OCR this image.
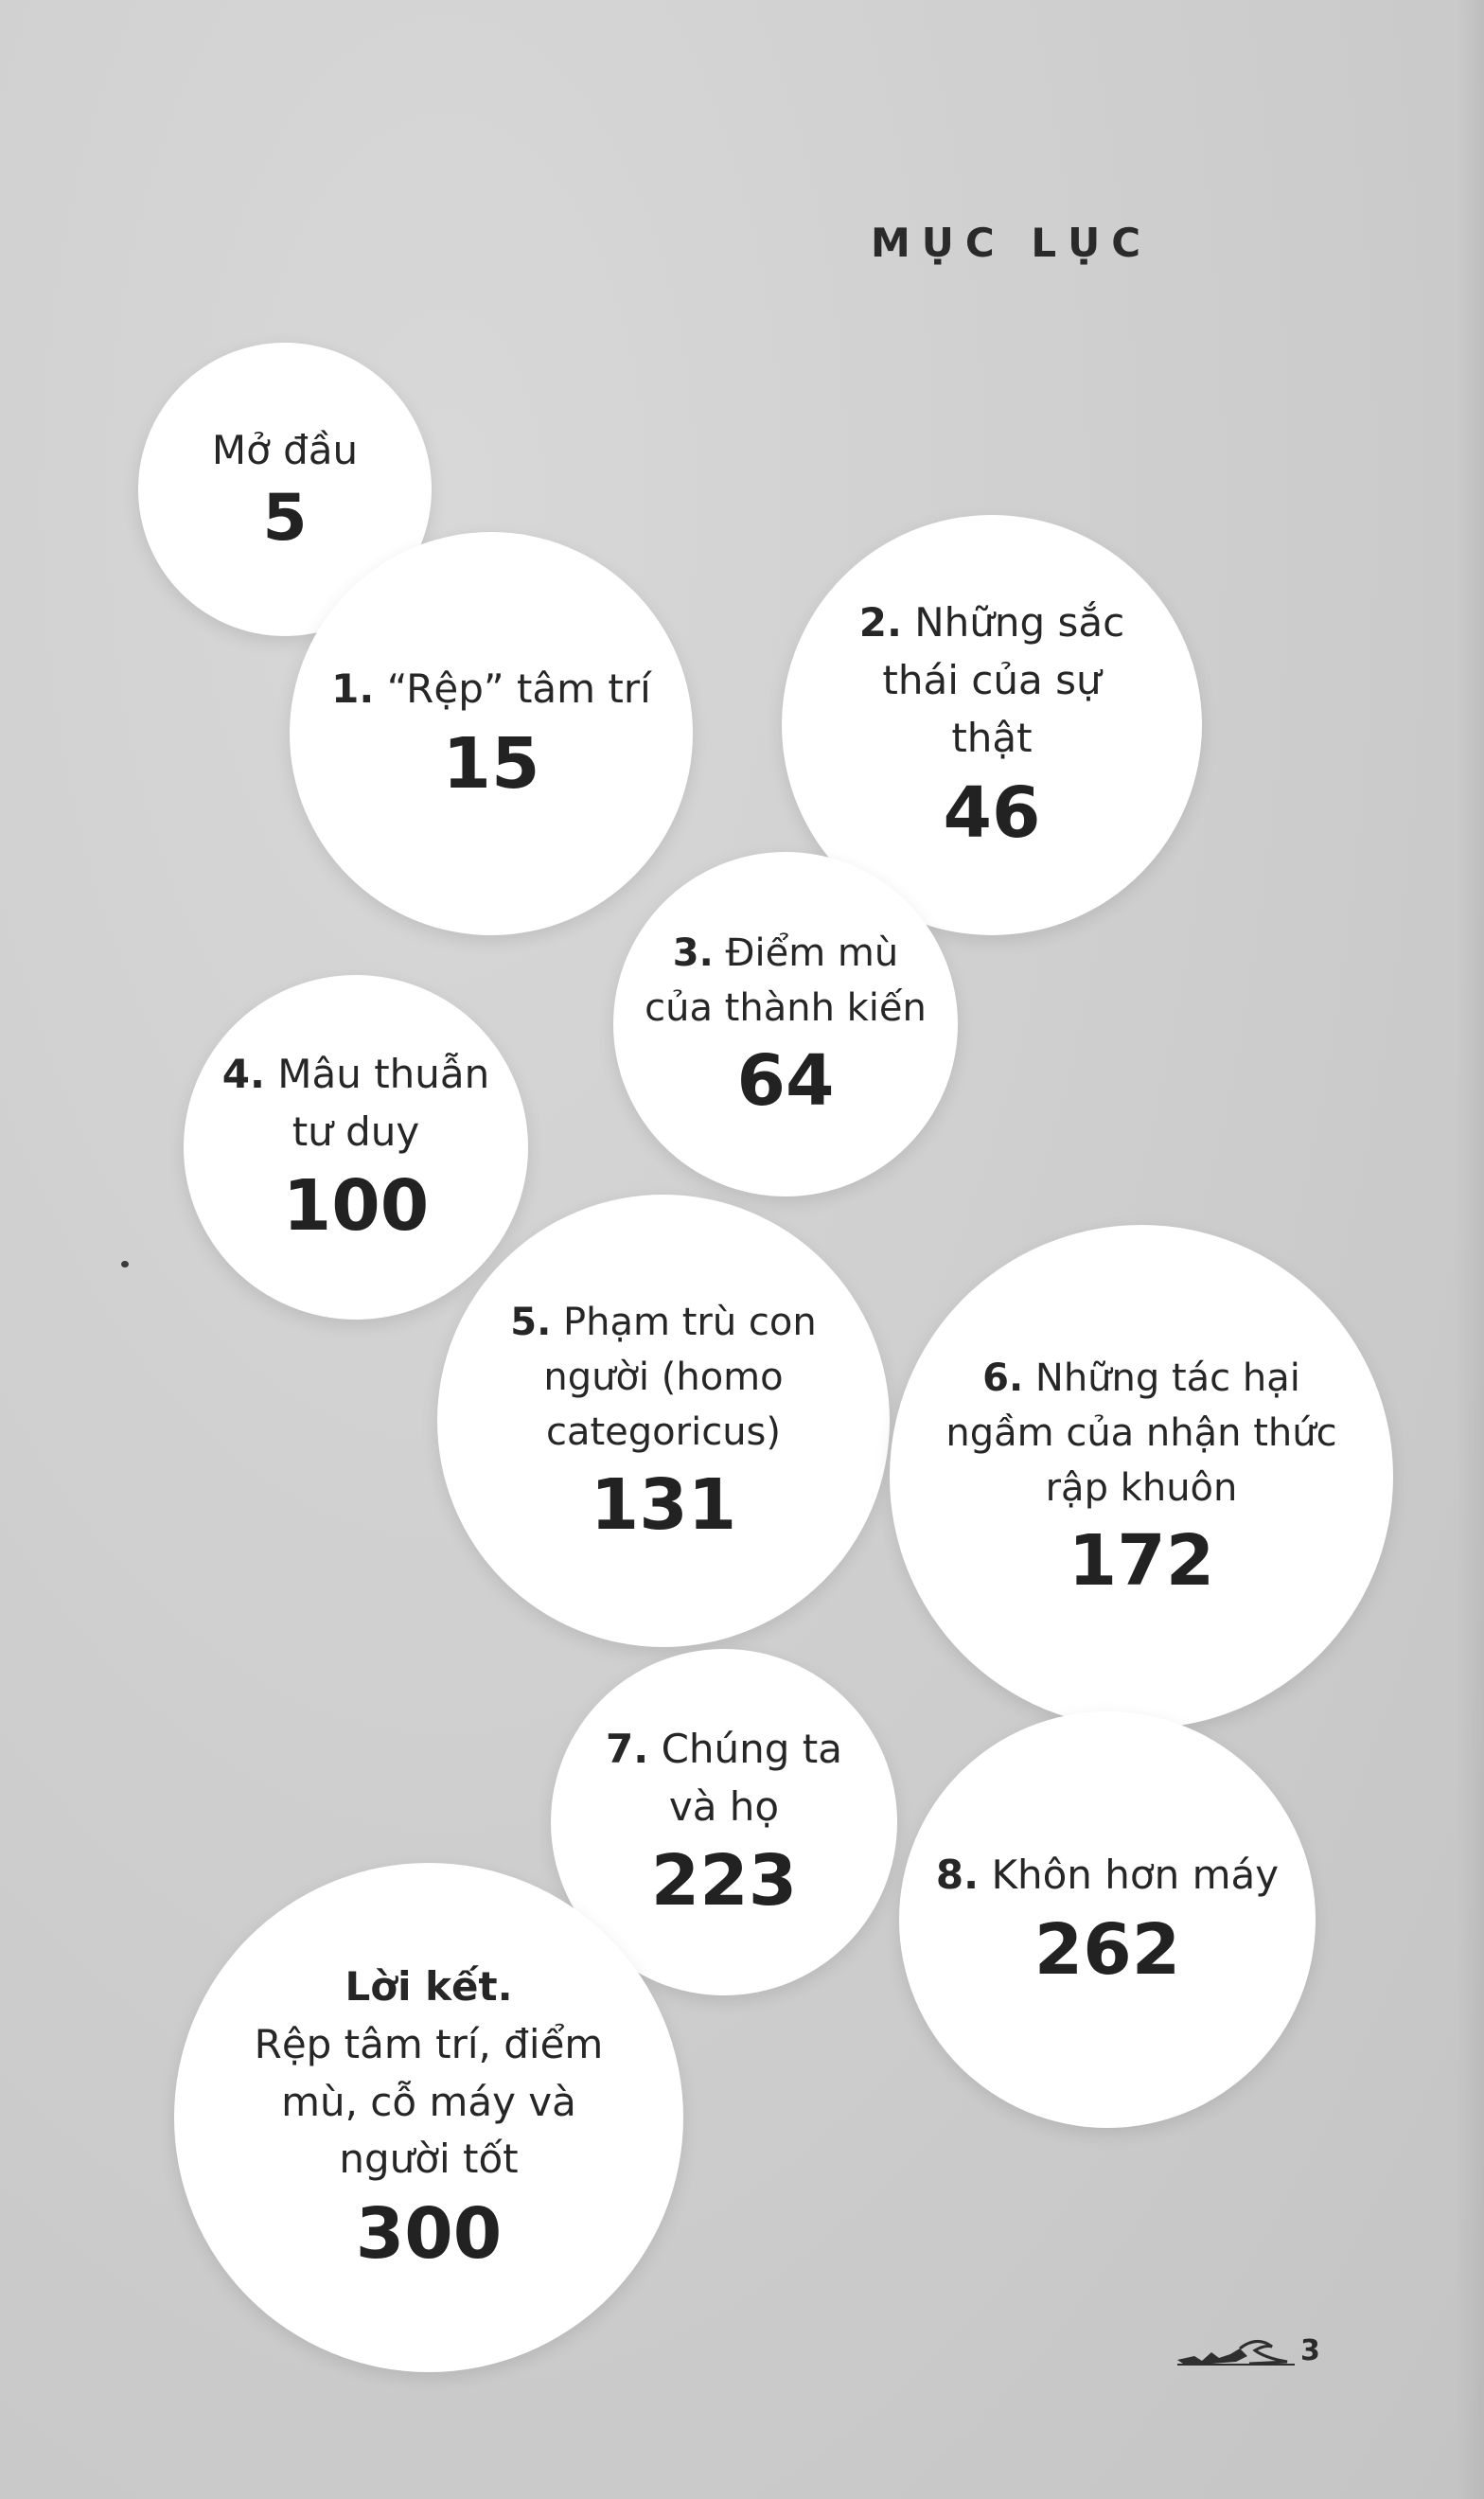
MỤC LỤC
Mở đầu
5
1. “Rệp” tâm trí
15
2. Những sắc thái của sự thật
46
3. Điểm mù của thành kiến
64
4. Mâu thuẫn tư duy
100
5. Phạm trù con người (homo categoricus)
131
6. Những tác hại ngầm của nhận thức rập khuôn
172
7. Chúng ta và họ
223	8. Khôn hơn máy
262
Lời kết.
Rệp tâm trí, điểm mù, cỗ máy và người tốt
300
3
